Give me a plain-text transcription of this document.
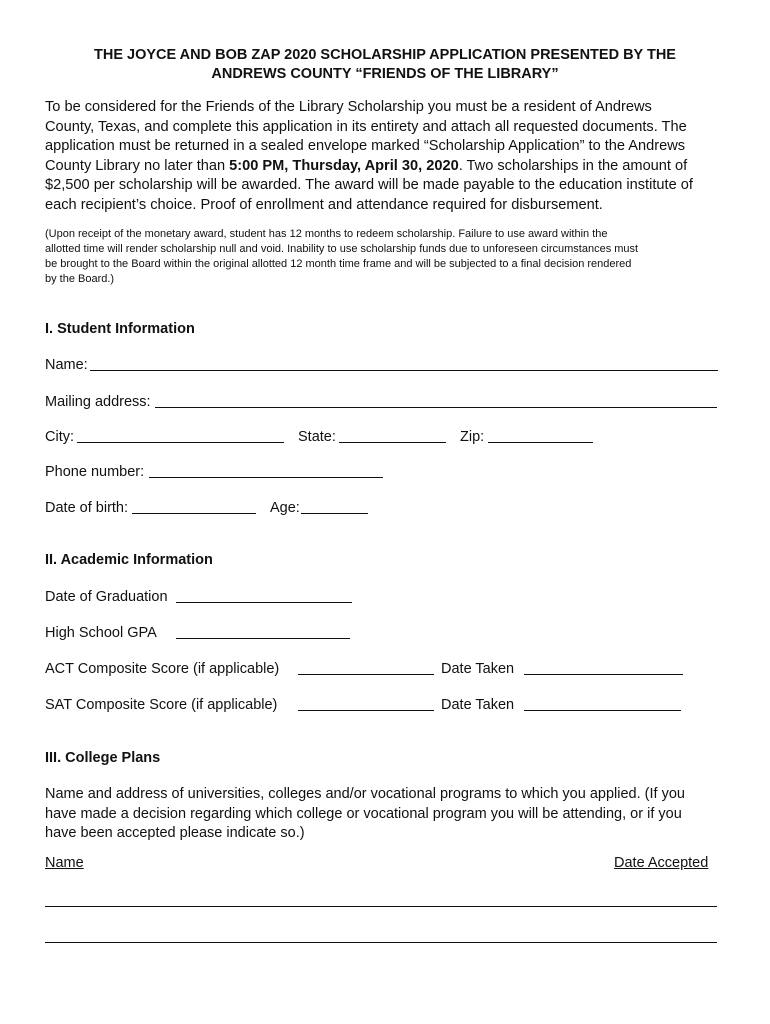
THE JOYCE AND BOB ZAP 2020 SCHOLARSHIP APPLICATION PRESENTED BY THE
ANDREWS COUNTY “FRIENDS OF THE LIBRARY”
To be considered for the Friends of the Library Scholarship you must be a resident of Andrews
County, Texas, and complete this application in its entirety and attach all requested documents. The
application must be returned in a sealed envelope marked “Scholarship Application” to the Andrews
County Library no later than 5:00 PM, Thursday, April 30, 2020. Two scholarships in the amount of
$2,500 per scholarship will be awarded. The award will be made payable to the education institute of
each recipient’s choice. Proof of enrollment and attendance required for disbursement.
(Upon receipt of the monetary award, student has 12 months to redeem scholarship. Failure to use award within the
allotted time will render scholarship null and void. Inability to use scholarship funds due to unforeseen circumstances must
be brought to the Board within the original allotted 12 month time frame and will be subjected to a final decision rendered
by the Board.)
I. Student Information
Name:
Mailing address:
City:	State:	Zip:
Phone number:
Date of birth:	Age:
II. Academic Information
Date of Graduation
High School GPA
ACT Composite Score (if applicable)	Date Taken
SAT Composite Score (if applicable)	Date Taken
III. College Plans
Name and address of universities, colleges and/or vocational programs to which you applied. (If you
have made a decision regarding which college or vocational program you will be attending, or if you
have been accepted please indicate so.)
Name	Date Accepted
